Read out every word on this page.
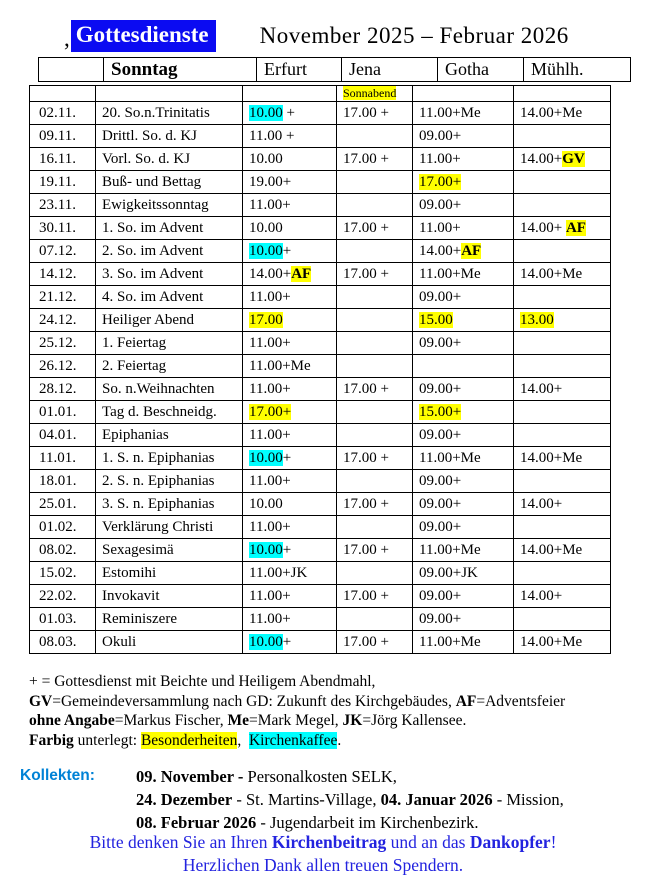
, Gottesdienste	November 2025 – Februar 2026
Sonntag	Erfurt	Jena	Gotha	Mühlh.
			Sonnabend		
02.11.	20. So.n.Trinitatis	10.00 +	17.00 +	11.00+Me	14.00+Me
09.11.	Drittl. So. d. KJ	11.00 +		09.00+	
16.11.	Vorl. So. d. KJ	10.00	17.00 +	11.00+	14.00+GV
19.11.	Buß- und Bettag	19.00+		17.00+	
23.11.	Ewigkeitssonntag	11.00+		09.00+	
30.11.	1. So. im Advent	10.00	17.00 +	11.00+	14.00+ AF
07.12.	2. So. im Advent	10.00+		14.00+AF	
14.12.	3. So. im Advent	14.00+AF	17.00 +	11.00+Me	14.00+Me
21.12.	4. So. im Advent	11.00+		09.00+	
24.12.	Heiliger Abend	17.00		15.00	13.00
25.12.	1. Feiertag	11.00+		09.00+	
26.12.	2. Feiertag	11.00+Me			
28.12.	So. n.Weihnachten	11.00+	17.00 +	09.00+	14.00+
01.01.	Tag d. Beschneidg.	17.00+		15.00+	
04.01.	Epiphanias	11.00+		09.00+	
11.01.	1. S. n. Epiphanias	10.00+	17.00 +	11.00+Me	14.00+Me
18.01.	2. S. n. Epiphanias	11.00+		09.00+	
25.01.	3. S. n. Epiphanias	10.00	17.00 +	09.00+	14.00+
01.02.	Verklärung Christi	11.00+		09.00+	
08.02.	Sexagesimä	10.00+	17.00 +	11.00+Me	14.00+Me
15.02.	Estomihi	11.00+JK		09.00+JK	
22.02.	Invokavit	11.00+	17.00 +	09.00+	14.00+
01.03.	Reminiszere	11.00+		09.00+	
08.03.	Okuli	10.00+	17.00 +	11.00+Me	14.00+Me
+ = Gottesdienst mit Beichte und Heiligem Abendmahl,
GV=Gemeindeversammlung nach GD: Zukunft des Kirchgebäudes, AF=Adventsfeier
ohne Angabe=Markus Fischer, Me=Mark Megel, JK=Jörg Kallensee.
Farbig unterlegt: Besonderheiten,  Kirchenkaffee.
Kollekten:	09. November - Personalkosten SELK,
24. Dezember - St. Martins-Village, 04. Januar 2026 - Mission,
08. Februar 2026 - Jugendarbeit im Kirchenbezirk.
Bitte denken Sie an Ihren Kirchenbeitrag und an das Dankopfer!
Herzlichen Dank allen treuen Spendern.
